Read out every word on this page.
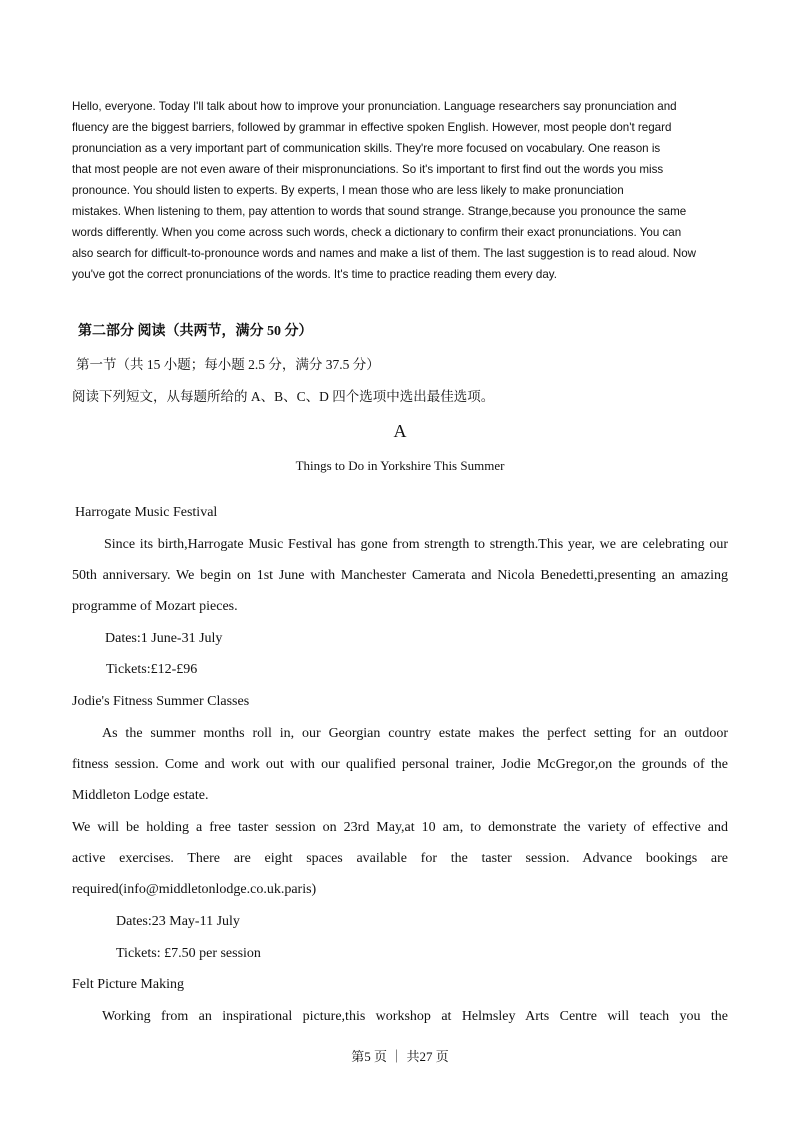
Hello, everyone. Today I'll talk about how to improve your pronunciation. Language researchers say pronunciation and
fluency are the biggest barriers, followed by grammar in effective spoken English. However, most people don't regard
pronunciation as a very important part of communication skills. They're more focused on vocabulary. One reason is
that most people are not even aware of their mispronunciations. So it's important to first find out the words you miss
pronounce. You should listen to experts. By experts, I mean those who are less likely to make pronunciation
mistakes. When listening to them, pay attention to words that sound strange. Strange,because you pronounce the same
words differently. When you come across such words, check a dictionary to confirm their exact pronunciations. You can
also search for difficult-to-pronounce words and names and make a list of them. The last suggestion is to read aloud. Now
you've got the correct pronunciations of the words. It's time to practice reading them every day.
第二部分 阅读（共两节，满分 50 分）
第一节（共 15 小题；每小题 2.5 分，满分 37.5 分）
阅读下列短文，从每题所给的 A、B、C、D 四个选项中选出最佳选项。
A
Things to Do in Yorkshire This Summer
Harrogate Music Festival
Since its birth,Harrogate Music Festival has gone from strength to strength.This year, we are celebrating our
50th anniversary. We begin on 1st June with Manchester Camerata and Nicola Benedetti,presenting an amazing
programme of Mozart pieces.
Dates:1 June-31 July
Tickets:£12-£96
Jodie's Fitness Summer Classes
As the summer months roll in, our Georgian country estate makes the perfect setting for an outdoor
fitness session. Come and work out with our qualified personal trainer, Jodie McGregor,on the grounds of the
Middleton Lodge estate.
We will be holding a free taster session on 23rd May,at 10 am, to demonstrate the variety of effective and
active exercises. There are eight spaces available for the taster session. Advance bookings are
required(info@middletonlodge.co.uk.paris)
Dates:23 May-11 July
Tickets: £7.50 per session
Felt Picture Making
Working from an inspirational picture,this workshop at Helmsley Arts Centre will teach you the
第5 页 ｜ 共27 页
